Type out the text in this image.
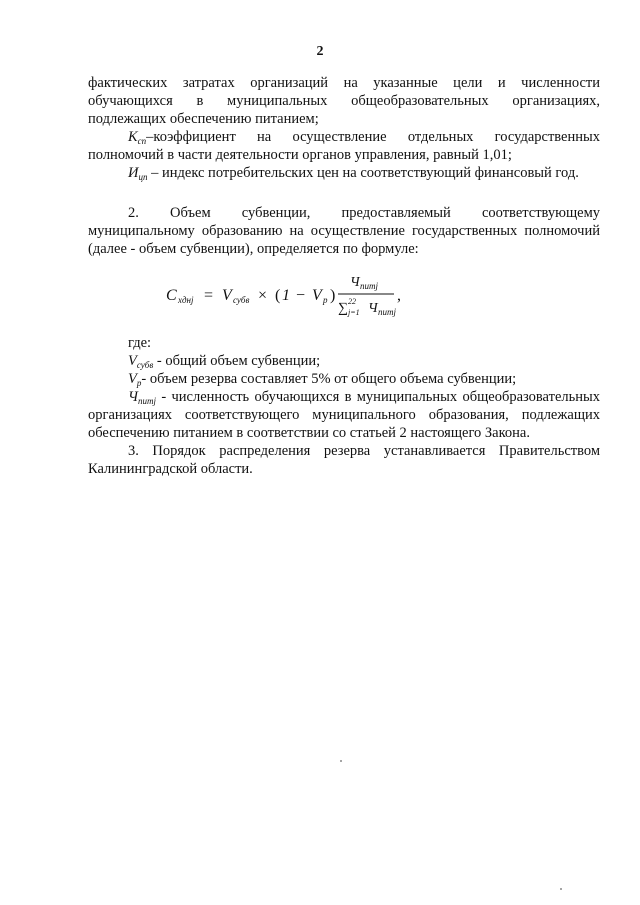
2

фактических затратах организаций на указанные цели и численности обучающихся в муниципальных общеобразовательных организациях, подлежащих обеспечению питанием;

$К_{сп}$–коэффициент на осуществление отдельных государственных полномочий в части деятельности органов управления, равный 1,01;

$И_{цп}$ – индекс потребительских цен на соответствующий финансовый год.

2. Объем субвенции, предоставляемый соответствующему муниципальному образованию на осуществление государственных полномочий (далее - объем субвенции), определяется по формуле:

С хднj = V субв × ( 1 − V р )
Ч питj
∑ 22
j=1 Ч питj
,

где:

$V_{субв}$ - общий объем субвенции;

$V_р-$ объем резерва составляет 5% от общего объема субвенции;

$Ч_{питj}$ - численность обучающихся в муниципальных общеобразовательных организациях соответствующего муниципального образования, подлежащих обеспечению питанием в соответствии со статьей 2 настоящего Закона.

3. Порядок распределения резерва устанавливается Правительством Калининградской области.
